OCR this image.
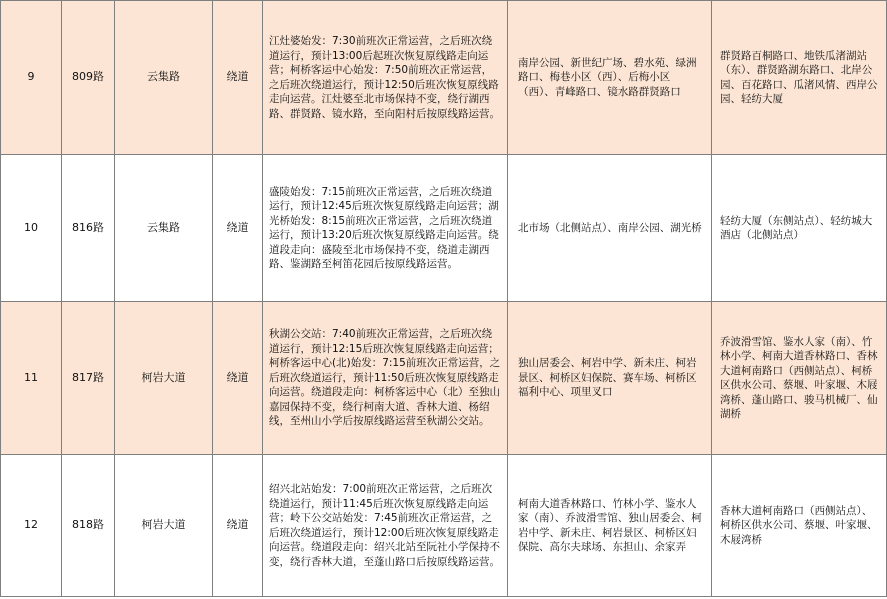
9	809路	云集路	绕道	江灶婆始发：7:30前班次正常运营，之后班次绕道运行，预计13:00后起班次恢复原线路走向运营；柯桥客运中心始发：7:50前班次正常运营，之后班次绕道运行，预计12:50后班次恢复原线路走向运营。江灶婆至北市场保持不变，绕行湖西路、群贤路、镜水路，至向阳村后按原线路运营。	南岸公园、新世纪广场、碧水苑、绿洲路口、梅巷小区（西）、后梅小区（西）、青峰路口、镜水路群贤路口	群贤路百桐路口、地铁瓜渚湖站（东）、群贤路湖东路口、北岸公园、百花路口、瓜渚风情、西岸公园、轻纺大厦

10	816路	云集路	绕道	盛陵始发：7:15前班次正常运营，之后班次绕道运行，预计12:45后班次恢复原线路走向运营；湖光桥始发：8:15前班次正常运营，之后班次绕道运行，预计13:20后班次恢复原线路走向运营。绕道段走向：盛陵至北市场保持不变，绕道走湖西路、鉴湖路至柯笛花园后按原线路运营。	北市场（北侧站点）、南岸公园、湖光桥	轻纺大厦（东侧站点）、轻纺城大酒店（北侧站点）

11	817路	柯岩大道	绕道	秋湖公交站：7:40前班次正常运营，之后班次绕道运行，预计12:15后班次恢复原线路走向运营；柯桥客运中心(北)始发：7:15前班次正常运营，之后班次绕道运行，预计11:50后班次恢复原线路走向运营。绕道段走向：柯桥客运中心（北）至独山嘉园保持不变，绕行柯南大道、香林大道、杨绍线，至州山小学后按原线路运营至秋湖公交站。	独山居委会、柯岩中学、新未庄、柯岩景区、柯桥区妇保院、赛车场、柯桥区福利中心、项里叉口	乔波滑雪馆、鉴水人家（南）、竹林小学、柯南大道香林路口、香林大道柯南路口（西侧站点）、柯桥区供水公司、蔡堰、叶家堰、木屐湾桥、蓬山路口、骏马机械厂、仙湖桥

12	818路	柯岩大道	绕道	绍兴北站始发：7:00前班次正常运营，之后班次绕道运行，预计11:45后班次恢复原线路走向运营；岭下公交站始发：7:45前班次正常运营，之后班次绕道运行，预计12:00后班次恢复原线路走向运营。绕道段走向：绍兴北站至阮社小学保持不变，绕行香林大道，至蓬山路口后按原线路运营。	柯南大道香林路口、竹林小学、鉴水人家（南）、乔波滑雪馆、独山居委会、柯岩中学、新未庄、柯岩景区、柯桥区妇保院、高尔夫球场、东担山、余家弄	香林大道柯南路口（西侧站点）、柯桥区供水公司、蔡堰、叶家堰、木屐湾桥
